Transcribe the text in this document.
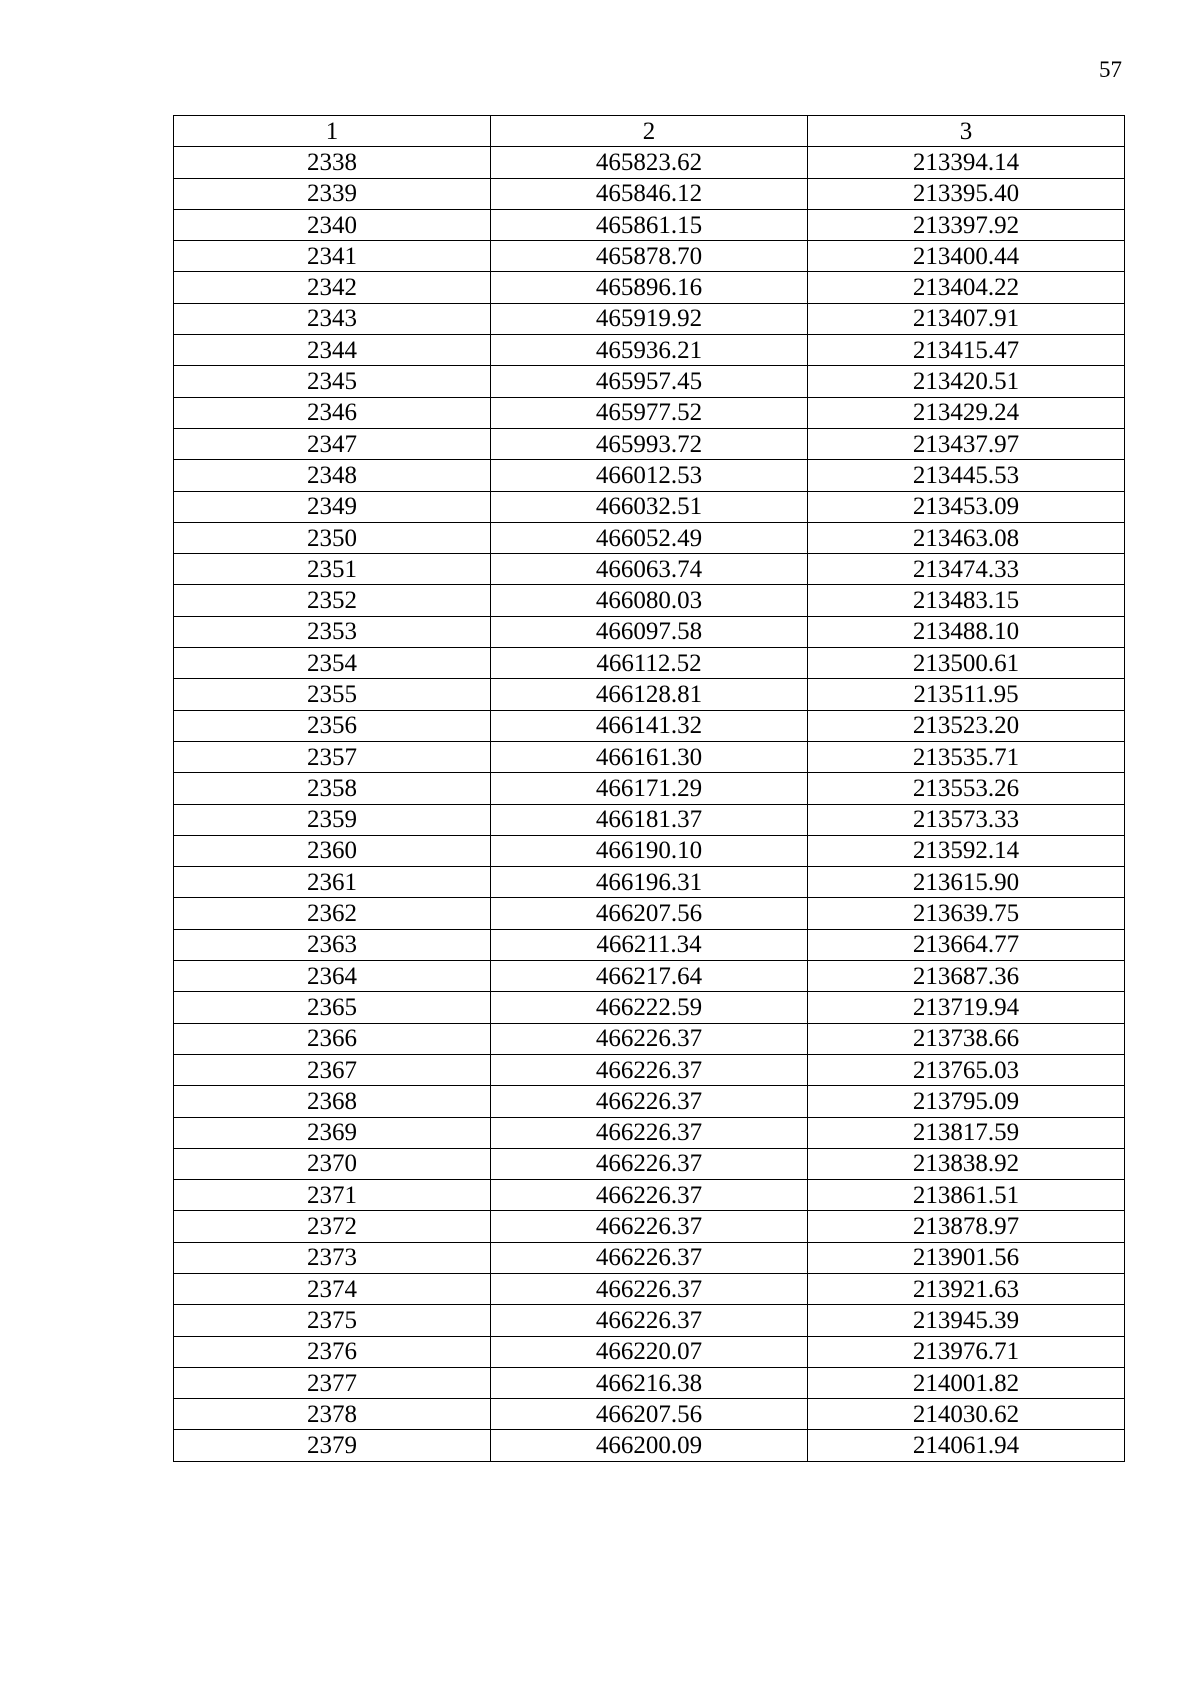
57
1	2	3
2338	465823.62	213394.14
2339	465846.12	213395.40
2340	465861.15	213397.92
2341	465878.70	213400.44
2342	465896.16	213404.22
2343	465919.92	213407.91
2344	465936.21	213415.47
2345	465957.45	213420.51
2346	465977.52	213429.24
2347	465993.72	213437.97
2348	466012.53	213445.53
2349	466032.51	213453.09
2350	466052.49	213463.08
2351	466063.74	213474.33
2352	466080.03	213483.15
2353	466097.58	213488.10
2354	466112.52	213500.61
2355	466128.81	213511.95
2356	466141.32	213523.20
2357	466161.30	213535.71
2358	466171.29	213553.26
2359	466181.37	213573.33
2360	466190.10	213592.14
2361	466196.31	213615.90
2362	466207.56	213639.75
2363	466211.34	213664.77
2364	466217.64	213687.36
2365	466222.59	213719.94
2366	466226.37	213738.66
2367	466226.37	213765.03
2368	466226.37	213795.09
2369	466226.37	213817.59
2370	466226.37	213838.92
2371	466226.37	213861.51
2372	466226.37	213878.97
2373	466226.37	213901.56
2374	466226.37	213921.63
2375	466226.37	213945.39
2376	466220.07	213976.71
2377	466216.38	214001.82
2378	466207.56	214030.62
2379	466200.09	214061.94
